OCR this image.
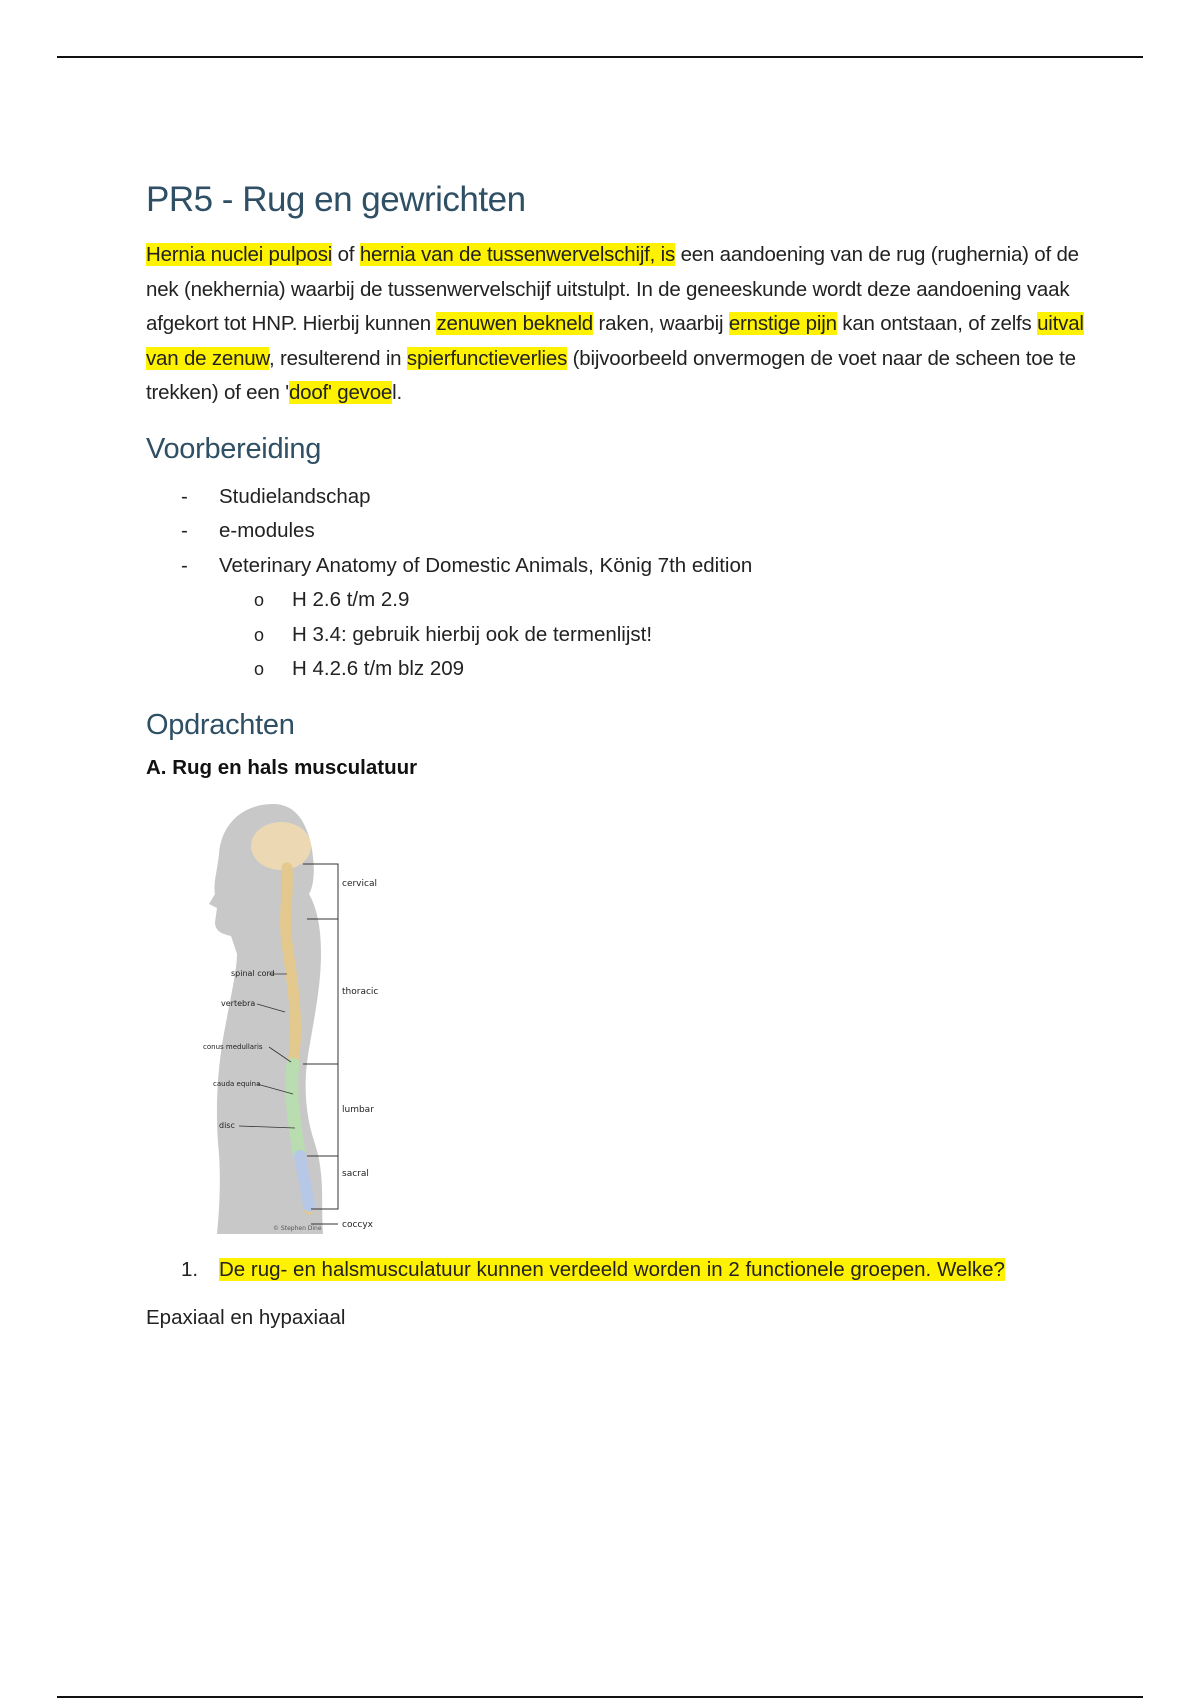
PR5 - Rug en gewrichten

Hernia nuclei pulposi of hernia van de tussenwervelschijf, is een aandoening van de rug (rughernia) of de nek (nekhernia) waarbij de tussenwervelschijf uitstulpt. In de geneeskunde wordt deze aandoening vaak afgekort tot HNP. Hierbij kunnen zenuwen bekneld raken, waarbij ernstige pijn kan ontstaan, of zelfs uitval van de zenuw, resulterend in spierfunctieverlies (bijvoorbeeld onvermogen de voet naar de scheen toe te trekken) of een 'doof' gevoel.

Voorbereiding
- Studielandschap
- e-modules
- Veterinary Anatomy of Domestic Animals, König 7th edition
o H 2.6 t/m 2.9
o H 3.4: gebruik hierbij ook de termenlijst!
o H 4.2.6 t/m blz 209
Opdrachten
A. Rug en hals musculatuur
cervical
thoracic
lumbar
sacral
coccyx
spinal cord
vertebra
conus medullaris
cauda equina
disc
© Stephen Dine
1. De rug- en halsmusculatuur kunnen verdeeld worden in 2 functionele groepen. Welke?

Epaxiaal en hypaxiaal
